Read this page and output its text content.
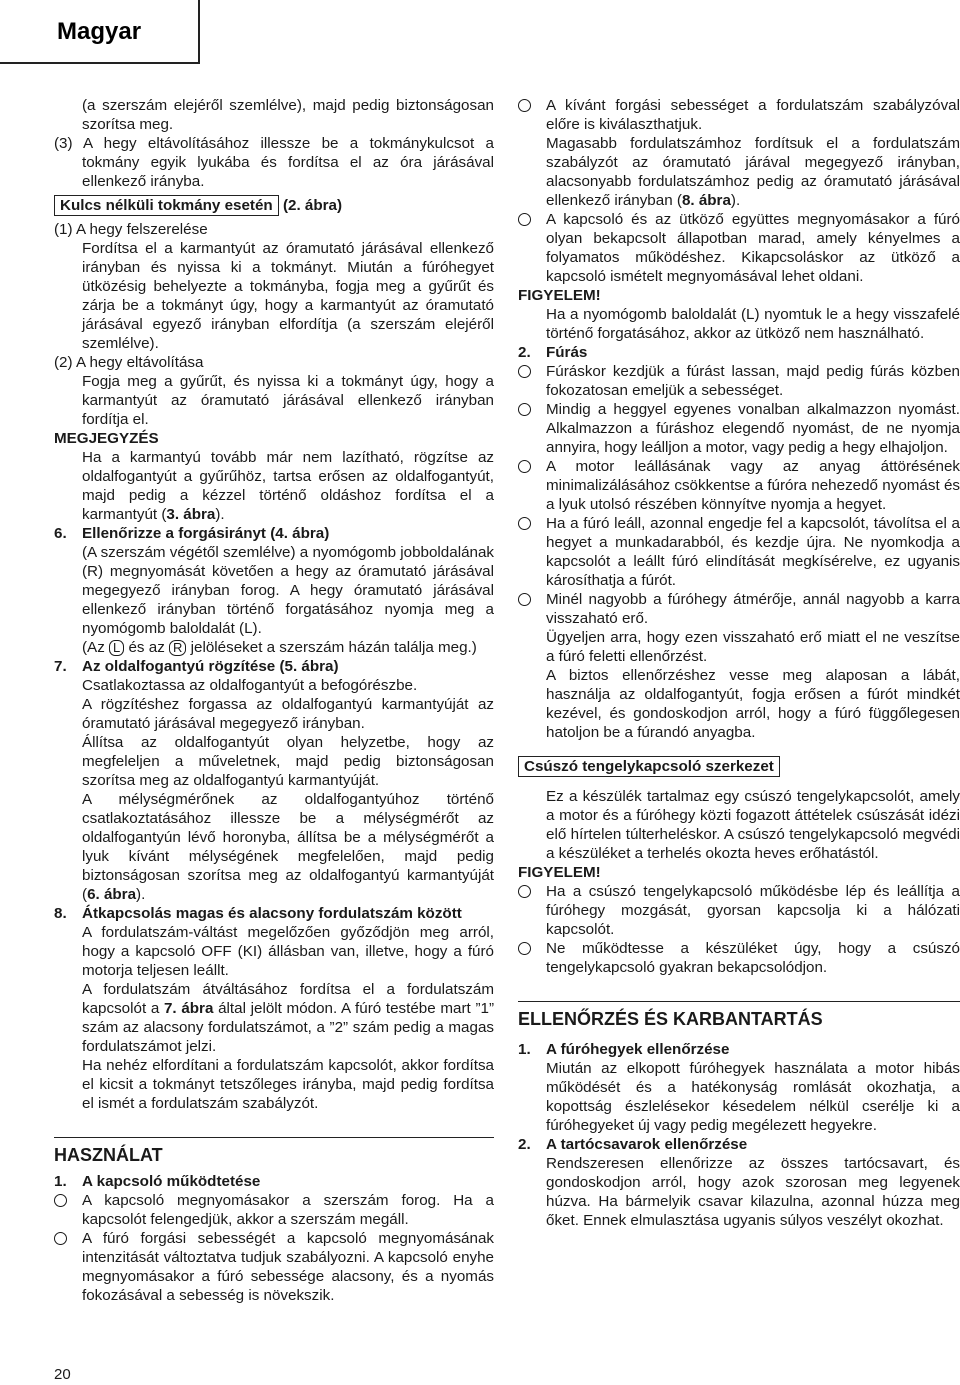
Magyar

(a szerszám elejéről szemlélve), majd pedig biztonságosan szorítsa meg.

(3) A hegy eltávolításához illessze be a tokmánykulcsot a tokmány egyik lyukába és fordítsa el az óra járásával ellenkező irányba.

Kulcs nélküli tokmány esetén (2. ábra)

(1) A hegy felszerelése

Fordítsa el a karmantyút az óramutató járásával ellenkező irányban és nyissa ki a tokmányt. Miután a fúróhegyet ütközésig behelyezte a tokmányba, fogja meg a gyűrűt és zárja be a tokmányt úgy, hogy a karmantyút az óramutató járásával egyező irányban elfordítja (a szerszám elejéről szemlélve).

(2) A hegy eltávolítása

Fogja meg a gyűrűt, és nyissa ki a tokmányt úgy, hogy a karmantyút az óramutató járásával ellenkező irányban fordítja el.

MEGJEGYZÉS

Ha a karmantyú tovább már nem lazítható, rögzítse az oldalfogantyút a gyűrűhöz, tartsa erősen az oldalfogantyút, majd pedig a kézzel történő oldáshoz fordítsa el a karmantyút (3. ábra).

6. Ellenőrizze a forgásirányt (4. ábra)

(A szerszám végétől szemlélve) a nyomógomb jobboldalának (R) megnyomását követően a hegy az óramutató járásával megegyező irányban forog. A hegy óramutató járásával ellenkező irányban történő forgatásához nyomja meg a nyomógomb baloldalát (L).

(Az L és az R jelöléseket a szerszám házán találja meg.)

7. Az oldalfogantyú rögzítése (5. ábra)

Csatlakoztassa az oldalfogantyút a befogórészbe.

A rögzítéshez forgassa az oldalfogantyú karmantyúját az óramutató járásával megegyező irányban.

Állítsa az oldalfogantyút olyan helyzetbe, hogy az megfeleljen a műveletnek, majd pedig biztonságosan szorítsa meg az oldalfogantyú karmantyúját.

A mélységmérőnek az oldalfogantyúhoz történő csatlakoztatásához illessze be a mélységmérőt az oldalfogantyún lévő horonyba, állítsa be a mélységmérőt a lyuk kívánt mélységének megfelelően, majd pedig biztonságosan szorítsa meg az oldalfogantyú karmantyúját (6. ábra).

8. Átkapcsolás magas és alacsony fordulatszám között

A fordulatszám-váltást megelőzően győződjön meg arról, hogy a kapcsoló OFF (KI) állásban van, illetve, hogy a fúró motorja teljesen leállt.

A fordulatszám átváltásához fordítsa el a fordulatszám kapcsolót a 7. ábra által jelölt módon. A fúró testébe mart ”1” szám az alacsony fordulatszámot, a ”2” szám pedig a magas fordulatszámot jelzi.

Ha nehéz elfordítani a fordulatszám kapcsolót, akkor fordítsa el kicsit a tokmányt tetszőleges irányba, majd pedig fordítsa el ismét a fordulatszám szabályzót.

HASZNÁLAT
1. A kapcsoló működtetése

A kapcsoló megnyomásakor a szerszám forog. Ha a kapcsolót felengedjük, akkor a szerszám megáll.

A fúró forgási sebességét a kapcsoló megnyomásának intenzitását változtatva tudjuk szabályozni. A kapcsoló enyhe megnyomásakor a fúró sebessége alacsony, és a nyomás fokozásával a sebesség is növekszik.

A kívánt forgási sebességet a fordulatszám szabályzóval előre is kiválaszthatjuk.

Magasabb fordulatszámhoz fordítsuk el a fordulatszám szabályzót az óramutató járával megegyező irányban, alacsonyabb fordulatszámhoz pedig az óramutató járásával ellenkező irányban (8. ábra).

A kapcsoló és az ütköző együttes megnyomásakor a fúró olyan bekapcsolt állapotban marad, amely kényelmes a folyamatos működéshez. Kikapcsoláskor az ütköző a kapcsoló ismételt megnyomásával lehet oldani.

FIGYELEM!

Ha a nyomógomb baloldalát (L) nyomtuk le a hegy visszafelé történő forgatásához, akkor az ütköző nem használható.

2. Fúrás

Fúráskor kezdjük a fúrást lassan, majd pedig fúrás közben fokozatosan emeljük a sebességet.

Mindig a heggyel egyenes vonalban alkalmazzon nyomást. Alkalmazzon a fúráshoz elegendő nyomást, de ne nyomja annyira, hogy leálljon a motor, vagy pedig a hegy elhajoljon.

A motor leállásának vagy az anyag áttörésének minimalizálásához csökkentse a fúróra nehezedő nyomást és a lyuk utolsó részében könnyítve nyomja a hegyet.

Ha a fúró leáll, azonnal engedje fel a kapcsolót, távolítsa el a hegyet a munkadarabból, és kezdje újra. Ne nyomkodja a kapcsolót a leállt fúró elindítását megkísérelve, ez ugyanis károsíthatja a fúrót.

Minél nagyobb a fúróhegy átmérője, annál nagyobb a karra visszaható erő.

Ügyeljen arra, hogy ezen visszaható erő miatt el ne veszítse a fúró feletti ellenőrzést.

A biztos ellenőrzéshez vesse meg alaposan a lábát, használja az oldalfogantyút, fogja erősen a fúrót mindkét kezével, és gondoskodjon arról, hogy a fúró függőlegesen hatoljon be a fúrandó anyagba.

Csúszó tengelykapcsoló szerkezet

Ez a készülék tartalmaz egy csúszó tengelykapcsolót, amely a motor és a fúróhegy közti fogazott áttételek csúszását idézi elő hírtelen túlterheléskor. A csúszó tengelykapcsoló megvédi a készüléket a terhelés okozta heves erőhatástól.

FIGYELEM!

Ha a csúszó tengelykapcsoló működésbe lép és leállítja a fúróhegy mozgását, gyorsan kapcsolja ki a hálózati kapcsolót.

Ne működtesse a készüléket úgy, hogy a csúszó tengelykapcsoló gyakran bekapcsolódjon.

ELLENŐRZÉS ÉS KARBANTARTÁS
1. A fúróhegyek ellenőrzése

Miután az elkopott fúróhegyek használata a motor hibás működését és a hatékonyság romlását okozhatja, a kopottság észlelésekor késedelem nélkül cserélje ki a fúróhegyeket új vagy pedig megélezett hegyekre.

2. A tartócsavarok ellenőrzése

Rendszeresen ellenőrizze az összes tartócsavart, és gondoskodjon arról, hogy azok szorosan meg legyenek húzva. Ha bármelyik csavar kilazulna, azonnal húzza meg őket. Ennek elmulasztása ugyanis súlyos veszélyt okozhat.

20
